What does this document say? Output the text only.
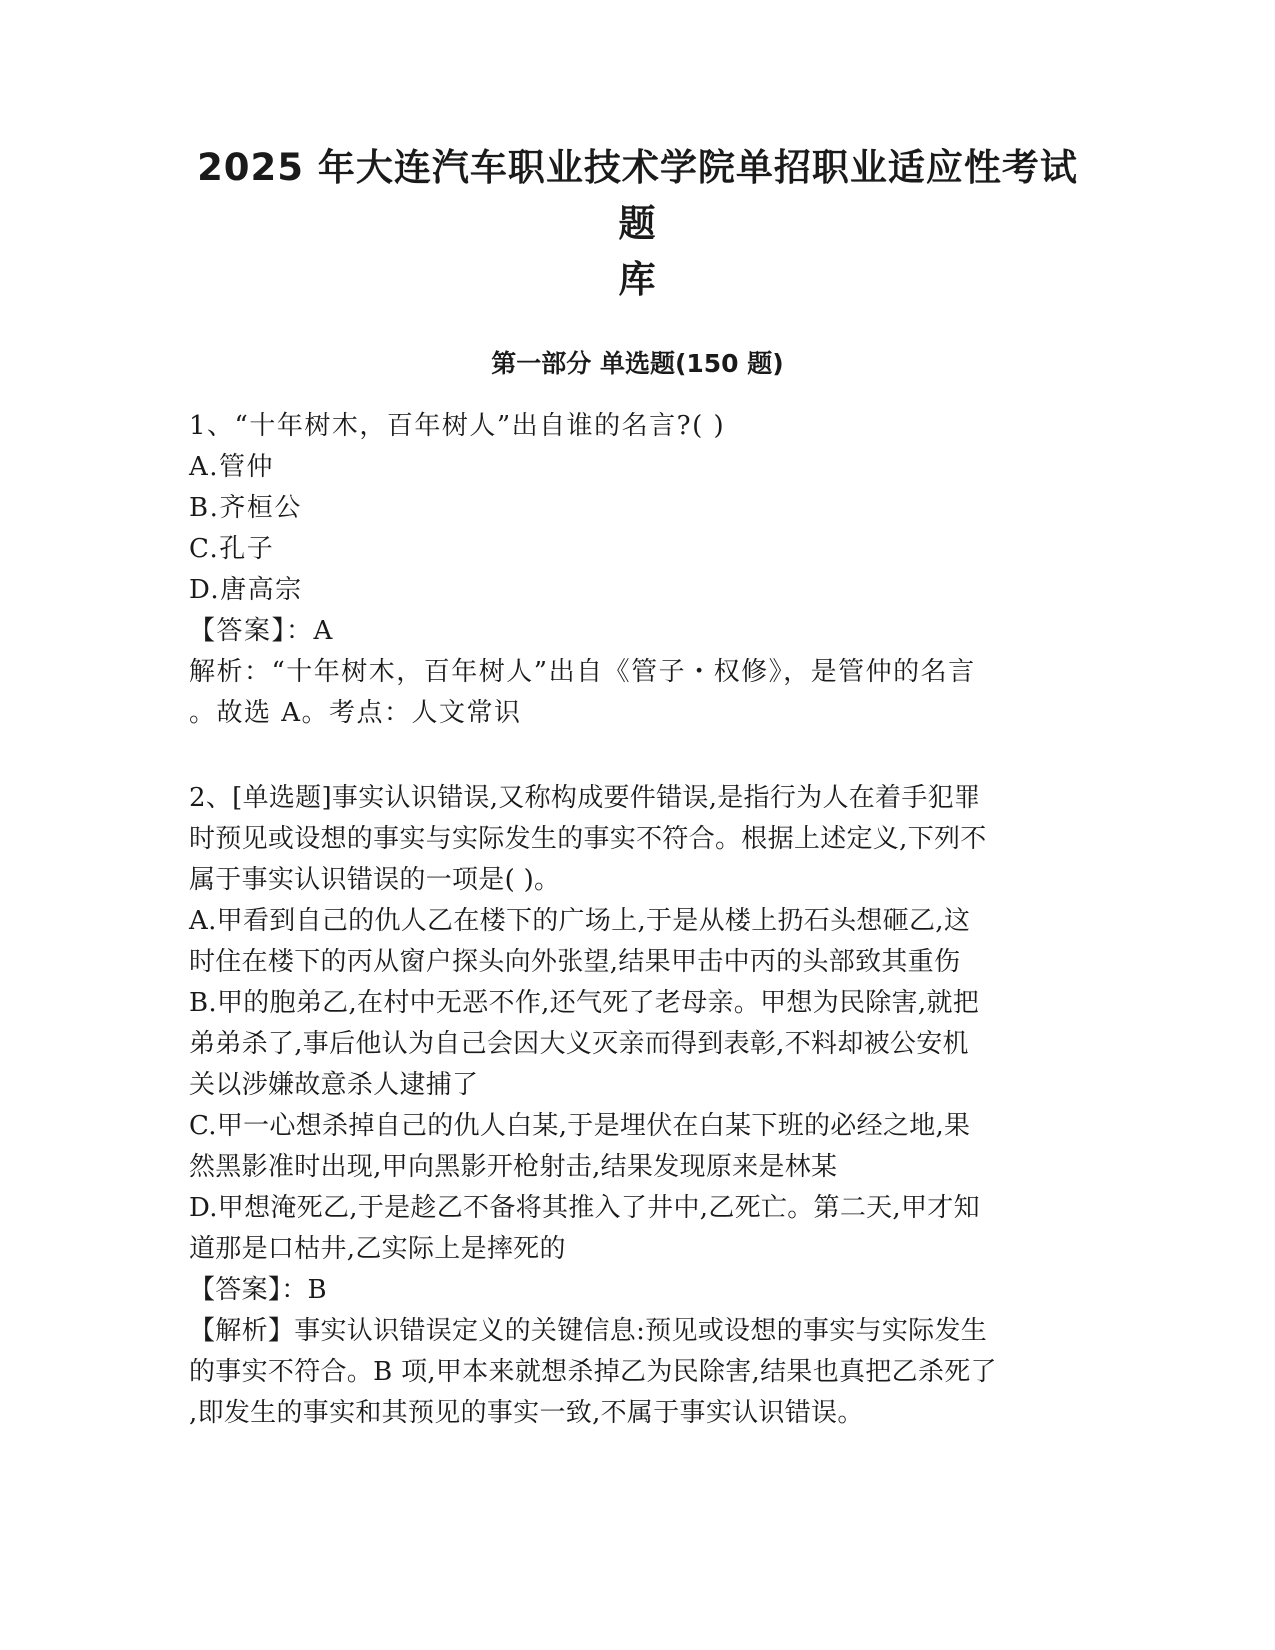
2025 年大连汽车职业技术学院单招职业适应性考试题
库
第一部分 单选题(150 题)
1、“十年树木，百年树人”出自谁的名言?( )
A.管仲
B.齐桓公
C.孔子
D.唐高宗
【答案】：A
解析：“十年树木，百年树人”出自《管子・权修》，是管仲的名言
。故选 A。考点：人文常识
2、[单选题]事实认识错误,又称构成要件错误,是指行为人在着手犯罪
时预见或设想的事实与实际发生的事实不符合。根据上述定义,下列不
属于事实认识错误的一项是( )。
A.甲看到自己的仇人乙在楼下的广场上,于是从楼上扔石头想砸乙,这
时住在楼下的丙从窗户探头向外张望,结果甲击中丙的头部致其重伤
B.甲的胞弟乙,在村中无恶不作,还气死了老母亲。甲想为民除害,就把
弟弟杀了,事后他认为自己会因大义灭亲而得到表彰,不料却被公安机
关以涉嫌故意杀人逮捕了
C.甲一心想杀掉自己的仇人白某,于是埋伏在白某下班的必经之地,果
然黑影准时出现,甲向黑影开枪射击,结果发现原来是林某
D.甲想淹死乙,于是趁乙不备将其推入了井中,乙死亡。第二天,甲才知
道那是口枯井,乙实际上是摔死的
【答案】：B
【解析】事实认识错误定义的关键信息:预见或设想的事实与实际发生
的事实不符合。B 项,甲本来就想杀掉乙为民除害,结果也真把乙杀死了
,即发生的事实和其预见的事实一致,不属于事实认识错误。
